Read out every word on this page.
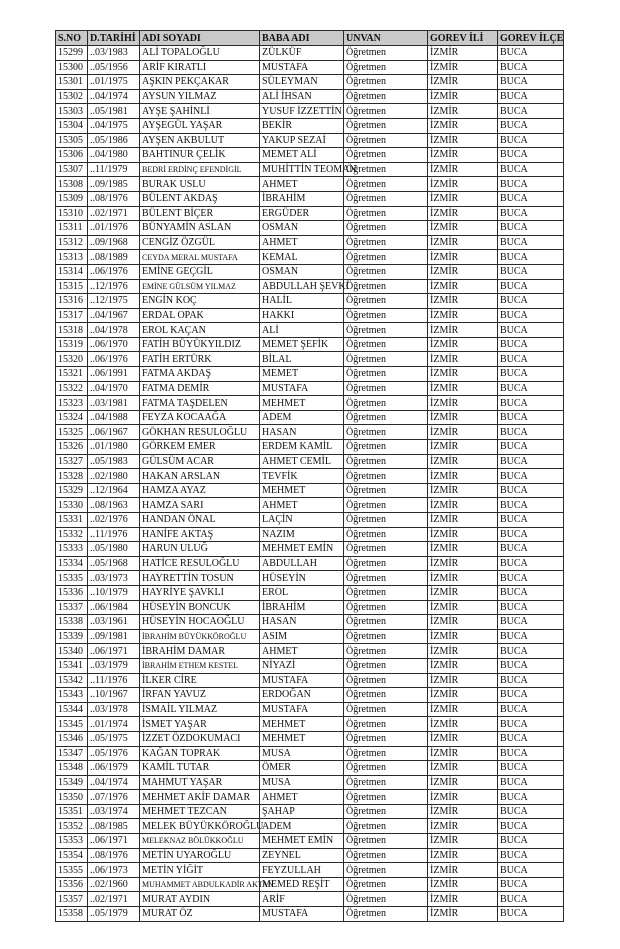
S.NO	D.TARİHİ	ADI SOYADI	BABA ADI	UNVAN	GOREV İLİ	GOREV İLÇE
15299	..03/1983	ALİ TOPALOĞLU	ZÜLKÜF	Öğretmen	İZMİR	BUCA
15300	..05/1956	ARİF KIRATLI	MUSTAFA	Öğretmen	İZMİR	BUCA
15301	..01/1975	AŞKIN PEKÇAKAR	SÜLEYMAN	Öğretmen	İZMİR	BUCA
15302	..04/1974	AYSUN YILMAZ	ALİ İHSAN	Öğretmen	İZMİR	BUCA
15303	..05/1981	AYŞE ŞAHİNLİ	YUSUF İZZETTİN	Öğretmen	İZMİR	BUCA
15304	..04/1975	AYŞEGÜL YAŞAR	BEKİR	Öğretmen	İZMİR	BUCA
15305	..05/1986	AYŞEN AKBULUT	YAKUP SEZAİ	Öğretmen	İZMİR	BUCA
15306	..04/1980	BAHTINUR ÇELİK	MEMET ALİ	Öğretmen	İZMİR	BUCA
15307	..11/1979	BEDRİ ERDİNÇ EFENDİGİL	MUHİTTİN TEOMAN	Öğretmen	İZMİR	BUCA
15308	..09/1985	BURAK USLU	AHMET	Öğretmen	İZMİR	BUCA
15309	..08/1976	BÜLENT AKDAŞ	İBRAHİM	Öğretmen	İZMİR	BUCA
15310	..02/1971	BÜLENT BİÇER	ERGÜDER	Öğretmen	İZMİR	BUCA
15311	..01/1976	BÜNYAMİN ASLAN	OSMAN	Öğretmen	İZMİR	BUCA
15312	..09/1968	CENGİZ ÖZGÜL	AHMET	Öğretmen	İZMİR	BUCA
15313	..08/1989	CEYDA MERAL MUSTAFA	KEMAL	Öğretmen	İZMİR	BUCA
15314	..06/1976	EMİNE GEÇGİL	OSMAN	Öğretmen	İZMİR	BUCA
15315	..12/1976	EMİNE GÜLSÜM YILMAZ	ABDULLAH ŞEVKİ	Öğretmen	İZMİR	BUCA
15316	..12/1975	ENGİN KOÇ	HALİL	Öğretmen	İZMİR	BUCA
15317	..04/1967	ERDAL OPAK	HAKKI	Öğretmen	İZMİR	BUCA
15318	..04/1978	EROL KAÇAN	ALİ	Öğretmen	İZMİR	BUCA
15319	..06/1970	FATİH BÜYÜKYILDIZ	MEMET ŞEFİK	Öğretmen	İZMİR	BUCA
15320	..06/1976	FATİH ERTÜRK	BİLAL	Öğretmen	İZMİR	BUCA
15321	..06/1991	FATMA AKDAŞ	MEMET	Öğretmen	İZMİR	BUCA
15322	..04/1970	FATMA DEMİR	MUSTAFA	Öğretmen	İZMİR	BUCA
15323	..03/1981	FATMA TAŞDELEN	MEHMET	Öğretmen	İZMİR	BUCA
15324	..04/1988	FEYZA KOCAAĞA	ADEM	Öğretmen	İZMİR	BUCA
15325	..06/1967	GÖKHAN RESULOĞLU	HASAN	Öğretmen	İZMİR	BUCA
15326	..01/1980	GÖRKEM EMER	ERDEM KAMİL	Öğretmen	İZMİR	BUCA
15327	..05/1983	GÜLSÜM ACAR	AHMET CEMİL	Öğretmen	İZMİR	BUCA
15328	..02/1980	HAKAN ARSLAN	TEVFİK	Öğretmen	İZMİR	BUCA
15329	..12/1964	HAMZA AYAZ	MEHMET	Öğretmen	İZMİR	BUCA
15330	..08/1963	HAMZA SARI	AHMET	Öğretmen	İZMİR	BUCA
15331	..02/1976	HANDAN ÖNAL	LAÇİN	Öğretmen	İZMİR	BUCA
15332	..11/1976	HANİFE AKTAŞ	NAZIM	Öğretmen	İZMİR	BUCA
15333	..05/1980	HARUN ULUĞ	MEHMET EMİN	Öğretmen	İZMİR	BUCA
15334	..05/1968	HATİCE RESULOĞLU	ABDULLAH	Öğretmen	İZMİR	BUCA
15335	..03/1973	HAYRETTİN TOSUN	HÜSEYİN	Öğretmen	İZMİR	BUCA
15336	..10/1979	HAYRİYE ŞAVKLI	EROL	Öğretmen	İZMİR	BUCA
15337	..06/1984	HÜSEYİN BONCUK	İBRAHİM	Öğretmen	İZMİR	BUCA
15338	..03/1961	HÜSEYİN HOCAOĞLU	HASAN	Öğretmen	İZMİR	BUCA
15339	..09/1981	İBRAHİM BÜYÜKKÖROĞLU	ASIM	Öğretmen	İZMİR	BUCA
15340	..06/1971	İBRAHİM DAMAR	AHMET	Öğretmen	İZMİR	BUCA
15341	..03/1979	İBRAHİM ETHEM KESTEL	NİYAZİ	Öğretmen	İZMİR	BUCA
15342	..11/1976	İLKER CİRE	MUSTAFA	Öğretmen	İZMİR	BUCA
15343	..10/1967	İRFAN YAVUZ	ERDOĞAN	Öğretmen	İZMİR	BUCA
15344	..03/1978	İSMAİL YILMAZ	MUSTAFA	Öğretmen	İZMİR	BUCA
15345	..01/1974	İSMET YAŞAR	MEHMET	Öğretmen	İZMİR	BUCA
15346	..05/1975	İZZET ÖZDOKUMACI	MEHMET	Öğretmen	İZMİR	BUCA
15347	..05/1976	KAĞAN TOPRAK	MUSA	Öğretmen	İZMİR	BUCA
15348	..06/1979	KAMİL TUTAR	ÖMER	Öğretmen	İZMİR	BUCA
15349	..04/1974	MAHMUT YAŞAR	MUSA	Öğretmen	İZMİR	BUCA
15350	..07/1976	MEHMET AKİF DAMAR	AHMET	Öğretmen	İZMİR	BUCA
15351	..03/1974	MEHMET TEZCAN	ŞAHAP	Öğretmen	İZMİR	BUCA
15352	..08/1985	MELEK BÜYÜKKÖROĞLU	ADEM	Öğretmen	İZMİR	BUCA
15353	..06/1971	MELEKNAZ BÖLÜKKOĞLU	MEHMET EMİN	Öğretmen	İZMİR	BUCA
15354	..08/1976	METİN UYAROĞLU	ZEYNEL	Öğretmen	İZMİR	BUCA
15355	..06/1973	METİN YİĞİT	FEYZULLAH	Öğretmen	İZMİR	BUCA
15356	..02/1960	MUHAMMET ABDULKADİR AKTAN	MEMED REŞİT	Öğretmen	İZMİR	BUCA
15357	..02/1971	MURAT AYDIN	ARİF	Öğretmen	İZMİR	BUCA
15358	..05/1979	MURAT ÖZ	MUSTAFA	Öğretmen	İZMİR	BUCA
